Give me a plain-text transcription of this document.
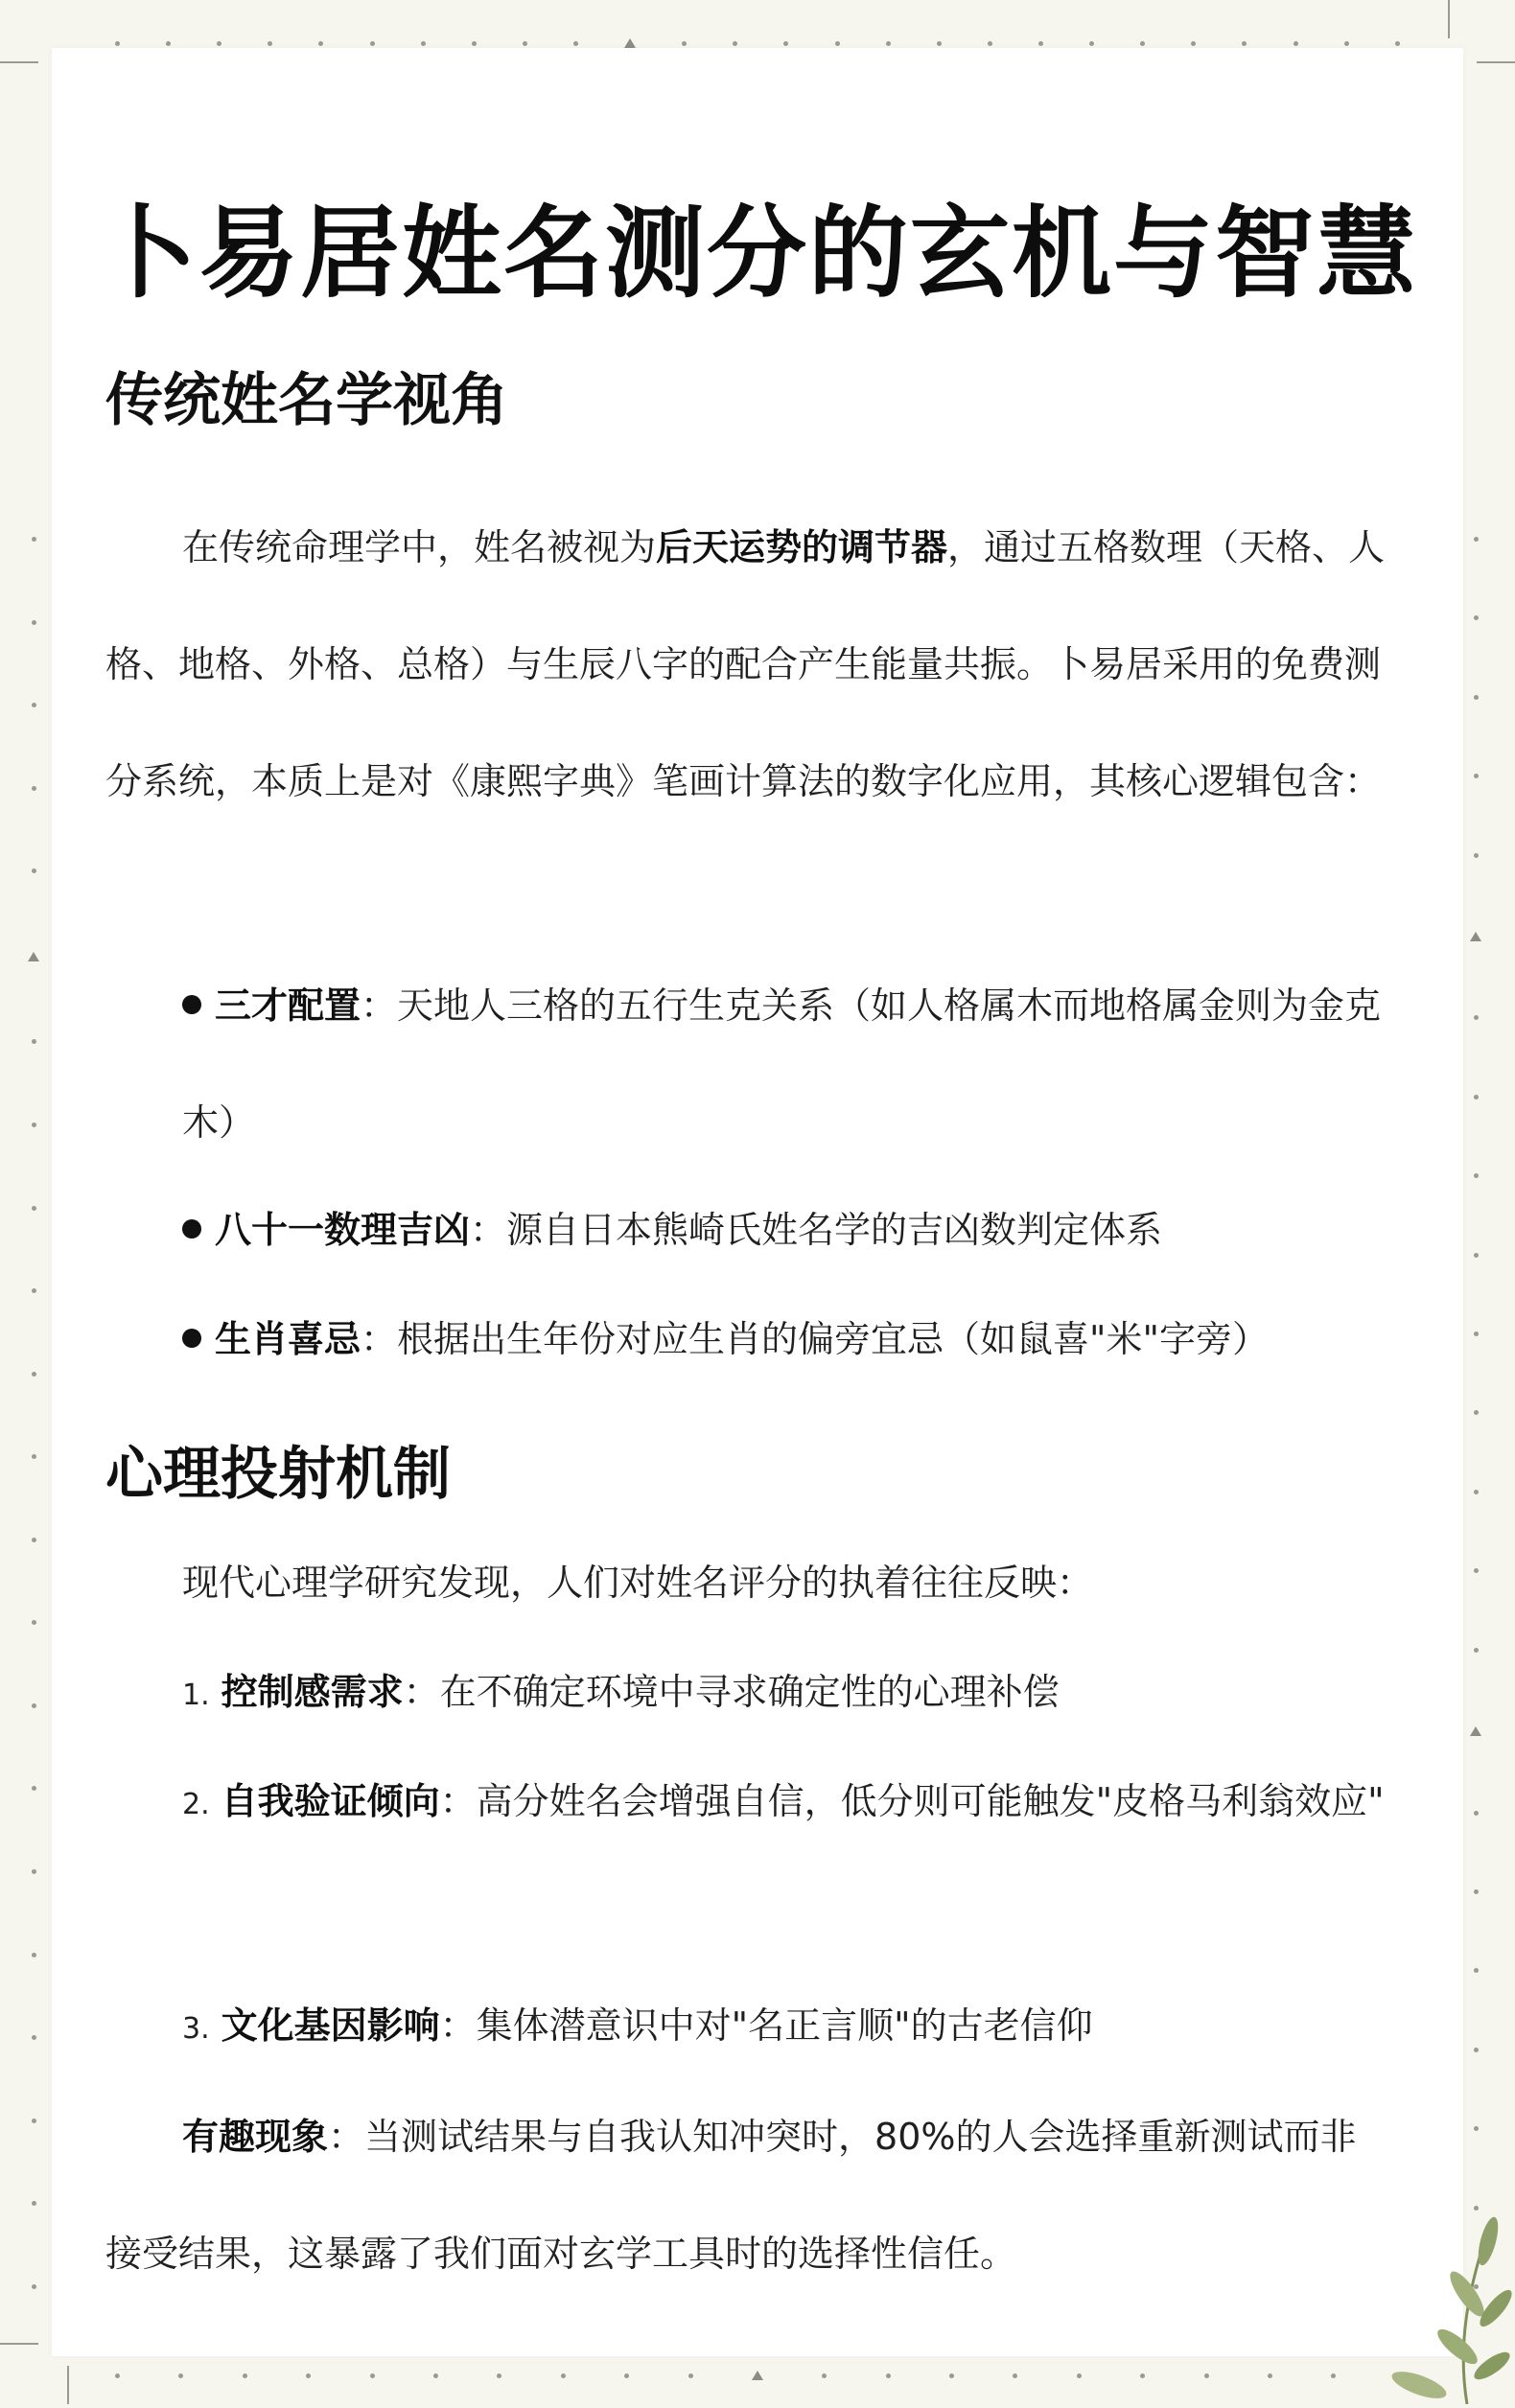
卜易居姓名测分的玄机与智慧
传统姓名学视角
在传统命理学中，姓名被视为后天运势的调节器，通过五格数理（天格、人格、地格、外格、总格）与生辰八字的配合产生能量共振。卜易居采用的免费测分系统，本质上是对《康熙字典》笔画计算法的数字化应用，其核心逻辑包含：
三才配置：天地人三格的五行生克关系（如人格属木而地格属金则为金克木）
八十一数理吉凶：源自日本熊崎氏姓名学的吉凶数判定体系
生肖喜忌：根据出生年份对应生肖的偏旁宜忌（如鼠喜"米"字旁）
心理投射机制
现代心理学研究发现，人们对姓名评分的执着往往反映：
1. 控制感需求：在不确定环境中寻求确定性的心理补偿
2. 自我验证倾向：高分姓名会增强自信，低分则可能触发"皮格马利翁效应"
3. 文化基因影响：集体潜意识中对"名正言顺"的古老信仰
有趣现象：当测试结果与自我认知冲突时，80%的人会选择重新测试而非接受结果，这暴露了我们面对玄学工具时的选择性信任。
